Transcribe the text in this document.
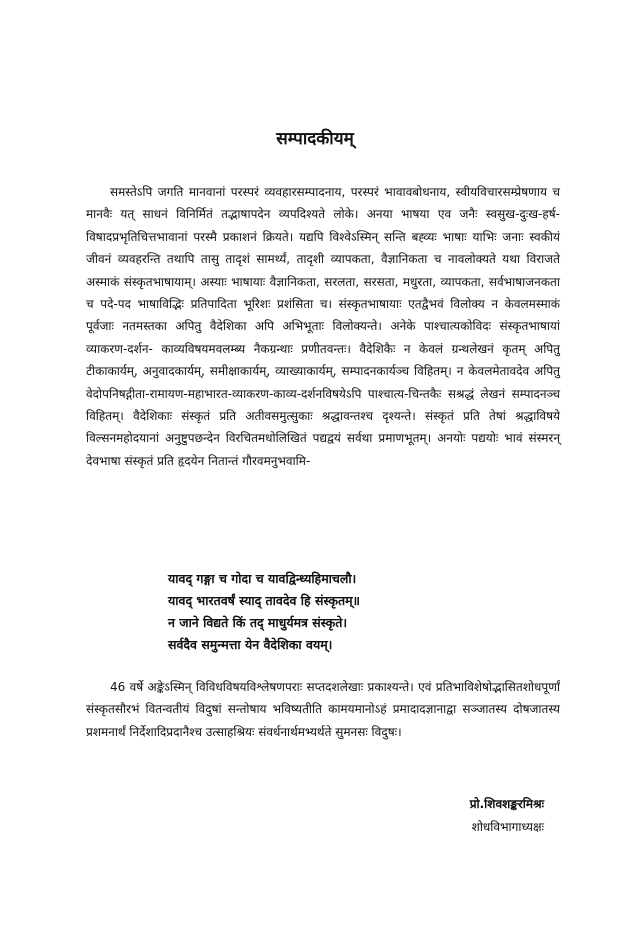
सम्पादकीयम्

समस्तेऽपि जगति मानवानां परस्परं व्यवहारसम्पादनाय, परस्परं भावावबोधनाय, स्वीयविचारसम्प्रेषणाय च मानवैः यत् साधनं विनिर्मितं तद्भाषापदेन व्यपदिश्यते लोके। अनया भाषया एव जनैः स्वसुख-दुःख-हर्ष-विषादप्रभृतिचित्तभावानां परस्मै प्रकाशनं क्रियते। यद्यपि विश्वेऽस्मिन् सन्ति बह्व्यः भाषाः याभिः जनाः स्वकीयं जीवनं व्यवहरन्ति तथापि तासु तादृशं सामर्थ्यं, तादृशी व्यापकता, वैज्ञानिकता च नावलोक्यते यथा विराजते अस्माकं संस्कृतभाषायाम्। अस्याः भाषायाः वैज्ञानिकता, सरलता, सरसता, मधुरता, व्यापकता, सर्वभाषाजनकता च पदे-पद भाषाविद्भिः प्रतिपादिता भूरिशः प्रशंसिता च। संस्कृतभाषायाः एतद्वैभवं विलोक्य न केवलमस्माकं पूर्वजाः नतमस्तका अपितु वैदेशिका अपि अभिभूताः विलोक्यन्ते। अनेके पाश्चात्यकोविदः संस्कृतभाषायां व्याकरण-दर्शन- काव्यविषयमवलम्ब्य नैकग्रन्थाः प्रणीतवन्तः। वैदेशिकैः न केवलं ग्रन्थलेखनं कृतम् अपितु टीकाकार्यम्, अनुवादकार्यम्, समीक्षाकार्यम्, व्याख्याकार्यम्, सम्पादनकार्यञ्च विहितम्। न केवलमेतावदेव अपितु वेदोपनिषद्गीता-रामायण-महाभारत-व्याकरण-काव्य-दर्शनविषयेऽपि पाश्चात्य-चिन्तकैः सश्रद्धं लेखनं सम्पादनञ्च विहितम्। वैदेशिकाः संस्कृतं प्रति अतीवसमुत्सुकाः श्रद्धावन्तश्च दृश्यन्ते। संस्कृतं प्रति तेषां श्रद्धाविषये विल्सनमहोदयानां अनुष्टुपछन्देन विरचितमधोलिखितं पद्यद्वयं सर्वथा प्रमाणभूतम्। अनयोः पद्ययोः भावं संस्मरन् देवभाषा संस्कृतं प्रति हृदयेन नितान्तं गौरवमनुभवामि-

यावद् गङ्गा च गोदा च यावद्विन्ध्यहिमाचलौ।
यावद् भारतवर्षं स्याद् तावदेव हि संस्कृतम्॥
न जाने विद्यते किं तद् माधुर्यमत्र संस्कृते।
सर्वदैव समुन्मत्ता येन वैदेशिका वयम्।

46 वर्षे अङ्केऽस्मिन् विविधविषयविश्लेषणपराः सप्तदशलेखाः प्रकाश्यन्ते। एवं प्रतिभाविशेषोद्भासितशोधपूर्णां संस्कृतसौरभं वितन्वतीयं विदुषां सन्तोषाय भविष्यतीति कामयमानोऽहं प्रमादादज्ञानाद्वा सञ्जातस्य दोषजातस्य प्रशमनार्थं निर्देशादिप्रदानैश्च उत्साहश्रियः संवर्धनार्थमभ्यर्थते सुमनसः विदुषः।

प्रो.शिवशङ्करमिश्रः

शोधविभागाध्यक्षः
